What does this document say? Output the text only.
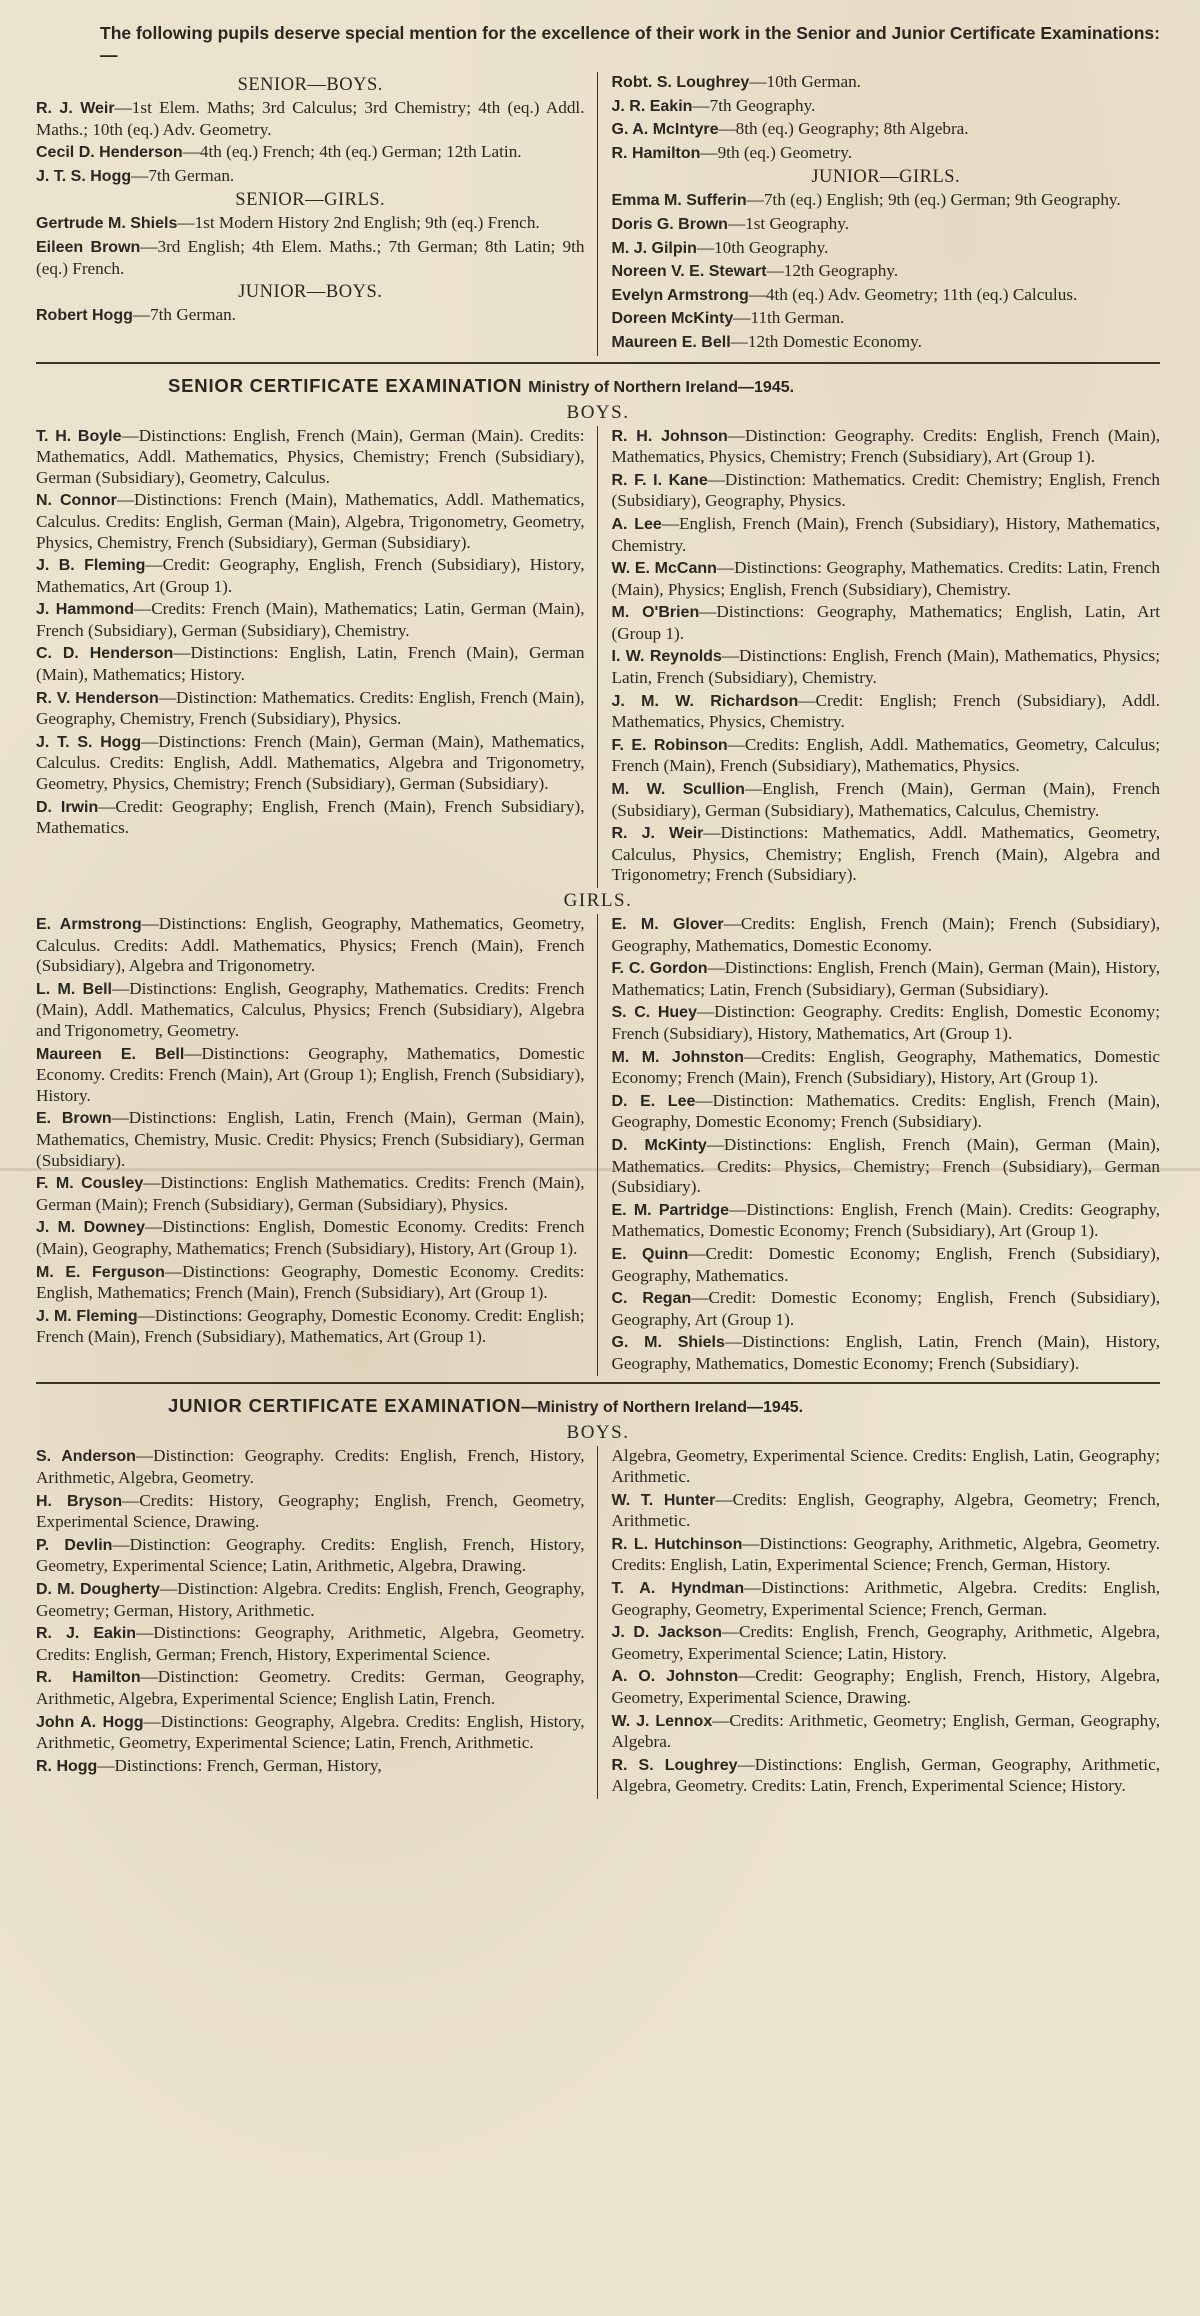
The following pupils deserve special mention for the excellence of their work in the Senior and Junior Certificate Examinations:—

SENIOR—BOYS.

R. J. Weir—1st Elem. Maths; 3rd Calculus; 3rd Chemistry; 4th (eq.) Addl. Maths.; 10th (eq.) Adv. Geometry.

Cecil D. Henderson—4th (eq.) French; 4th (eq.) German; 12th Latin.

J. T. S. Hogg—7th German.

SENIOR—GIRLS.

Gertrude M. Shiels—1st Modern History 2nd English; 9th (eq.) French.

Eileen Brown—3rd English; 4th Elem. Maths.; 7th German; 8th Latin; 9th (eq.) French.

JUNIOR—BOYS.

Robert Hogg—7th German.

Robt. S. Loughrey—10th German.

J. R. Eakin—7th Geography.

G. A. McIntyre—8th (eq.) Geography; 8th Algebra.

R. Hamilton—9th (eq.) Geometry.

JUNIOR—GIRLS.

Emma M. Sufferin—7th (eq.) English; 9th (eq.) German; 9th Geography.

Doris G. Brown—1st Geography.

M. J. Gilpin—10th Geography.

Noreen V. E. Stewart—12th Geography.

Evelyn Armstrong—4th (eq.) Adv. Geometry; 11th (eq.) Calculus.

Doreen McKinty—11th German.

Maureen E. Bell—12th Domestic Economy.

SENIOR CERTIFICATE EXAMINATION Ministry of Northern Ireland—1945.
BOYS.

T. H. Boyle—Distinctions: English, French (Main), German (Main). Credits: Mathematics, Addl. Mathematics, Physics, Chemistry; French (Subsidiary), German (Subsidiary), Geometry, Calculus.

N. Connor—Distinctions: French (Main), Mathematics, Addl. Mathematics, Calculus. Credits: English, German (Main), Algebra, Trigonometry, Geometry, Physics, Chemistry, French (Subsidiary), German (Subsidiary).

J. B. Fleming—Credit: Geography, English, French (Subsidiary), History, Mathematics, Art (Group 1).

J. Hammond—Credits: French (Main), Mathematics; Latin, German (Main), French (Subsidiary), German (Subsidiary), Chemistry.

C. D. Henderson—Distinctions: English, Latin, French (Main), German (Main), Mathematics; History.

R. V. Henderson—Distinction: Mathematics. Credits: English, French (Main), Geography, Chemistry, French (Subsidiary), Physics.

J. T. S. Hogg—Distinctions: French (Main), German (Main), Mathematics, Calculus. Credits: English, Addl. Mathematics, Algebra and Trigonometry, Geometry, Physics, Chemistry; French (Subsidiary), German (Subsidiary).

D. Irwin—Credit: Geography; English, French (Main), French Subsidiary), Mathematics.

R. H. Johnson—Distinction: Geography. Credits: English, French (Main), Mathematics, Physics, Chemistry; French (Subsidiary), Art (Group 1).

R. F. I. Kane—Distinction: Mathematics. Credit: Chemistry; English, French (Subsidiary), Geography, Physics.

A. Lee—English, French (Main), French (Subsidiary), History, Mathematics, Chemistry.

W. E. McCann—Distinctions: Geography, Mathematics. Credits: Latin, French (Main), Physics; English, French (Subsidiary), Chemistry.

M. O'Brien—Distinctions: Geography, Mathematics; English, Latin, Art (Group 1).

I. W. Reynolds—Distinctions: English, French (Main), Mathematics, Physics; Latin, French (Subsidiary), Chemistry.

J. M. W. Richardson—Credit: English; French (Subsidiary), Addl. Mathematics, Physics, Chemistry.

F. E. Robinson—Credits: English, Addl. Mathematics, Geometry, Calculus; French (Main), French (Subsidiary), Mathematics, Physics.

M. W. Scullion—English, French (Main), German (Main), French (Subsidiary), German (Subsidiary), Mathematics, Calculus, Chemistry.

R. J. Weir—Distinctions: Mathematics, Addl. Mathematics, Geometry, Calculus, Physics, Chemistry; English, French (Main), Algebra and Trigonometry; French (Subsidiary).

GIRLS.

E. Armstrong—Distinctions: English, Geography, Mathematics, Geometry, Calculus. Credits: Addl. Mathematics, Physics; French (Main), French (Subsidiary), Algebra and Trigonometry.

L. M. Bell—Distinctions: English, Geography, Mathematics. Credits: French (Main), Addl. Mathematics, Calculus, Physics; French (Subsidiary), Algebra and Trigonometry, Geometry.

Maureen E. Bell—Distinctions: Geography, Mathematics, Domestic Economy. Credits: French (Main), Art (Group 1); English, French (Subsidiary), History.

E. Brown—Distinctions: English, Latin, French (Main), German (Main), Mathematics, Chemistry, Music. Credit: Physics; French (Subsidiary), German (Subsidiary).

F. M. Cousley—Distinctions: English Mathematics. Credits: French (Main), German (Main); French (Subsidiary), German (Subsidiary), Physics.

J. M. Downey—Distinctions: English, Domestic Economy. Credits: French (Main), Geography, Mathematics; French (Subsidiary), History, Art (Group 1).

M. E. Ferguson—Distinctions: Geography, Domestic Economy. Credits: English, Mathematics; French (Main), French (Subsidiary), Art (Group 1).

J. M. Fleming—Distinctions: Geography, Domestic Economy. Credit: English; French (Main), French (Subsidiary), Mathematics, Art (Group 1).

E. M. Glover—Credits: English, French (Main); French (Subsidiary), Geography, Mathematics, Domestic Economy.

F. C. Gordon—Distinctions: English, French (Main), German (Main), History, Mathematics; Latin, French (Subsidiary), German (Subsidiary).

S. C. Huey—Distinction: Geography. Credits: English, Domestic Economy; French (Subsidiary), History, Mathematics, Art (Group 1).

M. M. Johnston—Credits: English, Geography, Mathematics, Domestic Economy; French (Main), French (Subsidiary), History, Art (Group 1).

D. E. Lee—Distinction: Mathematics. Credits: English, French (Main), Geography, Domestic Economy; French (Subsidiary).

D. McKinty—Distinctions: English, French (Main), German (Main), Mathematics. Credits: Physics, Chemistry; French (Subsidiary), German (Subsidiary).

E. M. Partridge—Distinctions: English, French (Main). Credits: Geography, Mathematics, Domestic Economy; French (Subsidiary), Art (Group 1).

E. Quinn—Credit: Domestic Economy; English, French (Subsidiary), Geography, Mathematics.

C. Regan—Credit: Domestic Economy; English, French (Subsidiary), Geography, Art (Group 1).

G. M. Shiels—Distinctions: English, Latin, French (Main), History, Geography, Mathematics, Domestic Economy; French (Subsidiary).

JUNIOR CERTIFICATE EXAMINATION—Ministry of Northern Ireland—1945.
BOYS.

S. Anderson—Distinction: Geography. Credits: English, French, History, Arithmetic, Algebra, Geometry.

H. Bryson—Credits: History, Geography; English, French, Geometry, Experimental Science, Drawing.

P. Devlin—Distinction: Geography. Credits: English, French, History, Geometry, Experimental Science; Latin, Arithmetic, Algebra, Drawing.

D. M. Dougherty—Distinction: Algebra. Credits: English, French, Geography, Geometry; German, History, Arithmetic.

R. J. Eakin—Distinctions: Geography, Arithmetic, Algebra, Geometry. Credits: English, German; French, History, Experimental Science.

R. Hamilton—Distinction: Geometry. Credits: German, Geography, Arithmetic, Algebra, Experimental Science; English Latin, French.

John A. Hogg—Distinctions: Geography, Algebra. Credits: English, History, Arithmetic, Geometry, Experimental Science; Latin, French, Arithmetic.

R. Hogg—Distinctions: French, German, History,

Algebra, Geometry, Experimental Science. Credits: English, Latin, Geography; Arithmetic.

W. T. Hunter—Credits: English, Geography, Algebra, Geometry; French, Arithmetic.

R. L. Hutchinson—Distinctions: Geography, Arithmetic, Algebra, Geometry. Credits: English, Latin, Experimental Science; French, German, History.

T. A. Hyndman—Distinctions: Arithmetic, Algebra. Credits: English, Geography, Geometry, Experimental Science; French, German.

J. D. Jackson—Credits: English, French, Geography, Arithmetic, Algebra, Geometry, Experimental Science; Latin, History.

A. O. Johnston—Credit: Geography; English, French, History, Algebra, Geometry, Experimental Science, Drawing.

W. J. Lennox—Credits: Arithmetic, Geometry; English, German, Geography, Algebra.

R. S. Loughrey—Distinctions: English, German, Geography, Arithmetic, Algebra, Geometry. Credits: Latin, French, Experimental Science; History.
